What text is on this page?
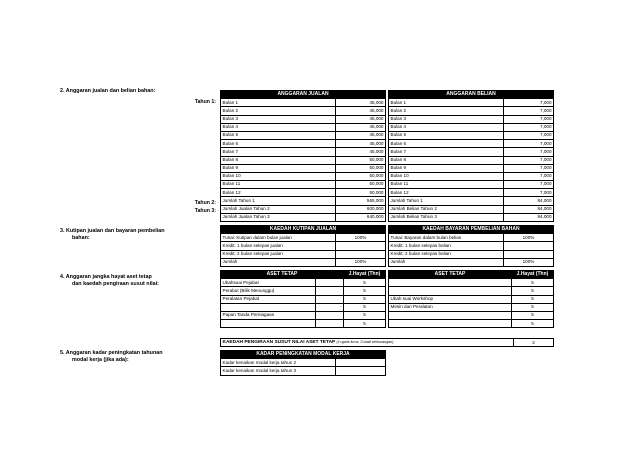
2. Anggaran jualan dan belian bahan:
Tahun 1:
Tahun 2:
Tahun 3:
3. Kutipan jualan dan bayaran pembelian
bahan:
4. Anggaran jangka hayat aset tetap
dan kaedah pengiraan susut nilai:
5. Anggaran kadar peningkatan tahunan
modal kerja (jika ada):
ANGGARAN JUALAN	
Bulan 1	45,000
Bulan 2	45,000
Bulan 3	45,000
Bulan 4	45,000
Bulan 5	45,000
Bulan 6	45,000
Bulan 7	45,000
Bulan 8	50,000
Bulan 9	50,000
Bulan 10	50,000
Bulan 11	50,000
Bulan 12	50,000
Jumlah Tahun 1	565,000
Jumlah Jualan Tahun 2	600,000
Jumlah Jualan Tahun 3	640,000
ANGGARAN BELIAN	
Bulan 1	7,000
Bulan 2	7,000
Bulan 3	7,000
Bulan 4	7,000
Bulan 5	7,000
Bulan 6	7,000
Bulan 7	7,000
Bulan 8	7,000
Bulan 9	7,000
Bulan 10	7,000
Bulan 11	7,000
Bulan 12	7,000
Jumlah Tahun 1	84,000
Jumlah Belian Tahun 2	84,000
Jumlah Belian Tahun 3	84,000
KAEDAH KUTIPAN JUALAN	
Tunai: Kutipan dalam bulan jualan	100%
Kredit: 1 bulan selepas jualan	
Kredit: 2 bulan selepas jualan	
Jumlah	100%
KAEDAH BAYARAN PEMBELIAN BAHAN	
Tunai: Bayaran dalam bulan belian	100%
Kredit: 1 bulan selepas belian	
Kredit: 2 bulan selepas belian	
Jumlah	100%
ASET TETAP		J.Hayat (Thn)
Ubahsuai Pejabat		5
Perabut (Bilik Menunggu)		5
Peralatan Pejabat		5
	-	5
Papan Tanda Perniagaan		5
		5
ASET TETAP	J.Hayat (Thn)
	5
	5
Ubah suai Workshop	5
Mesin dan Peralatan	5
	5
	5
KAEDAH PENGIRAAN SUSUT NILAI ASET TETAP (1=garis lurus, 2=baki berkurangan)	2
KADAR PENINGKATAN MODAL KERJA	
Kadar kenaikan modal kerja tahun 2	
Kadar kenaikan modal kerja tahun 3	
